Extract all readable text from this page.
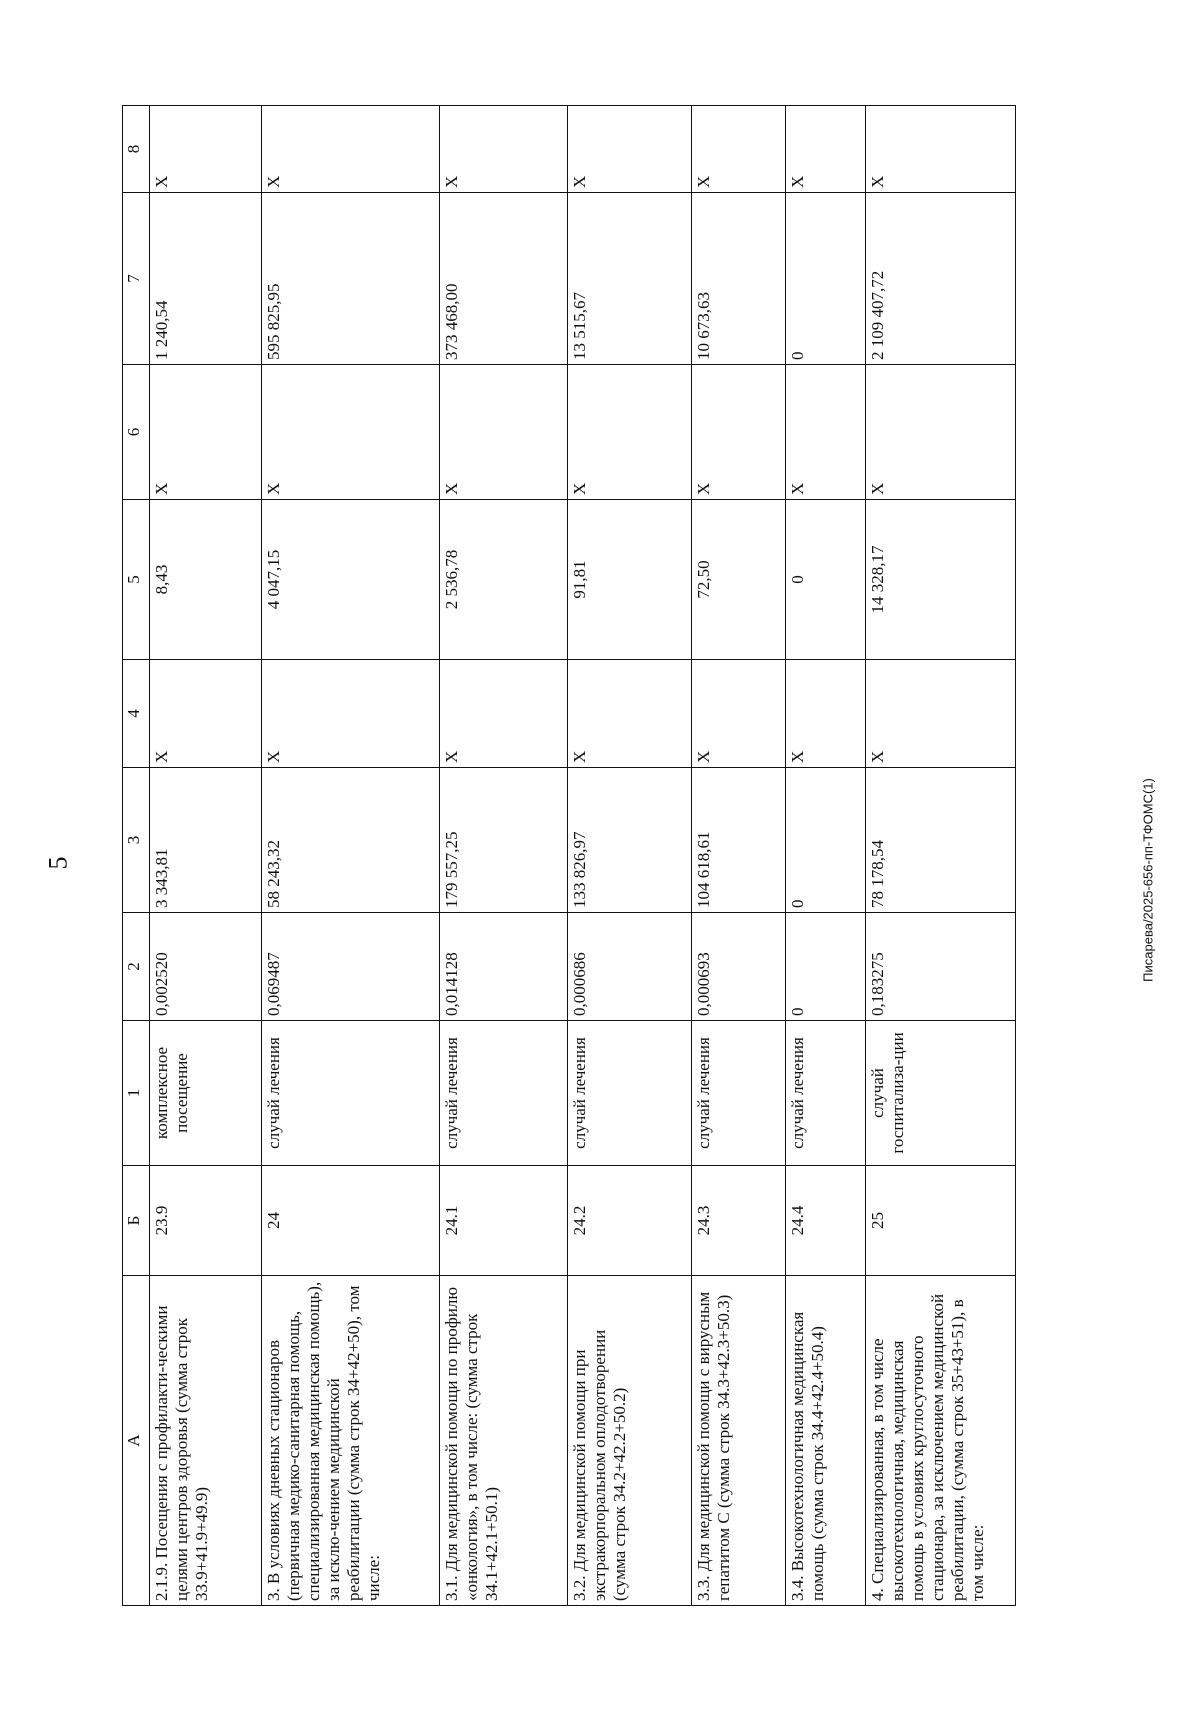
5	Писарева/2025-656-пп-ТФОМС(1)
А	Б	1	2	3	4	5	6	7	8
2.1.9. Посещения с профилакти-ческими целями центров здоровья (сумма строк 33.9+41.9+49.9)	23.9	комплексное посещение	0,002520	3 343,81	Х	8,43	Х	1 240,54	Х
3. В условиях дневных стационаров (первичная медико-санитарная помощь, специализированная медицинская помощь), за исклю-чением медицинской реабилитации (сумма строк 34+42+50), том числе:	24	случай лечения	0,069487	58 243,32	Х	4 047,15	Х	595 825,95	Х
3.1. Для медицинской помощи по профилю «онкология», в том числе: (сумма строк 34.1+42.1+50.1)	24.1	случай лечения	0,014128	179 557,25	Х	2 536,78	Х	373 468,00	Х
3.2. Для медицинской помощи при экстракорпоральном оплодотворении (сумма строк 34.2+42.2+50.2)	24.2	случай лечения	0,000686	133 826,97	Х	91,81	Х	13 515,67	Х
3.3. Для медицинской помощи с вирусным гепатитом С (сумма строк 34.3+42.3+50.3)	24.3	случай лечения	0,000693	104 618,61	Х	72,50	Х	10 673,63	Х
3.4. Высокотехнологичная медицинская помощь (сумма строк 34.4+42.4+50.4)	24.4	случай лечения	0	0	Х	0	Х	0	Х
4. Специализированная, в том числе высокотехнологичная, медицинская помощь в условиях круглосуточного стационара, за исключением медицинской реабилитации, (сумма строк 35+43+51), в том числе:	25	случай госпитализа-ции	0,183275	78 178,54	Х	14 328,17	Х	2 109 407,72	Х
